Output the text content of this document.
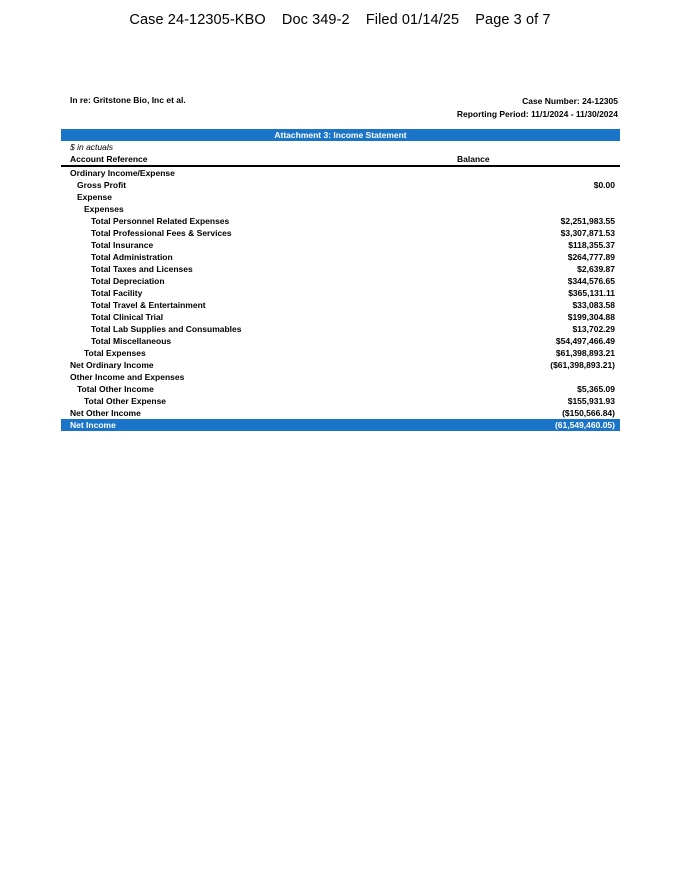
Case 24-12305-KBO Doc 349-2 Filed 01/14/25 Page 3 of 7
In re: Gritstone Bio, Inc et al.	Case Number: 24-12305
Reporting Period: 11/1/2024 - 11/30/2024
Attachment 3: Income Statement
$ in actuals
Account Reference	Balance
Ordinary Income/Expense
Gross Profit	$0.00
Expense
Expenses
Total Personnel Related Expenses	$2,251,983.55
Total Professional Fees & Services	$3,307,871.53
Total Insurance	$118,355.37
Total Administration	$264,777.89
Total Taxes and Licenses	$2,639.87
Total Depreciation	$344,576.65
Total Facility	$365,131.11
Total Travel & Entertainment	$33,083.58
Total Clinical Trial	$199,304.88
Total Lab Supplies and Consumables	$13,702.29
Total Miscellaneous	$54,497,466.49
Total Expenses	$61,398,893.21
Net Ordinary Income	($61,398,893.21)
Other Income and Expenses
Total Other Income	$5,365.09
Total Other Expense	$155,931.93
Net Other Income	($150,566.84)
Net Income	(61,549,460.05)
